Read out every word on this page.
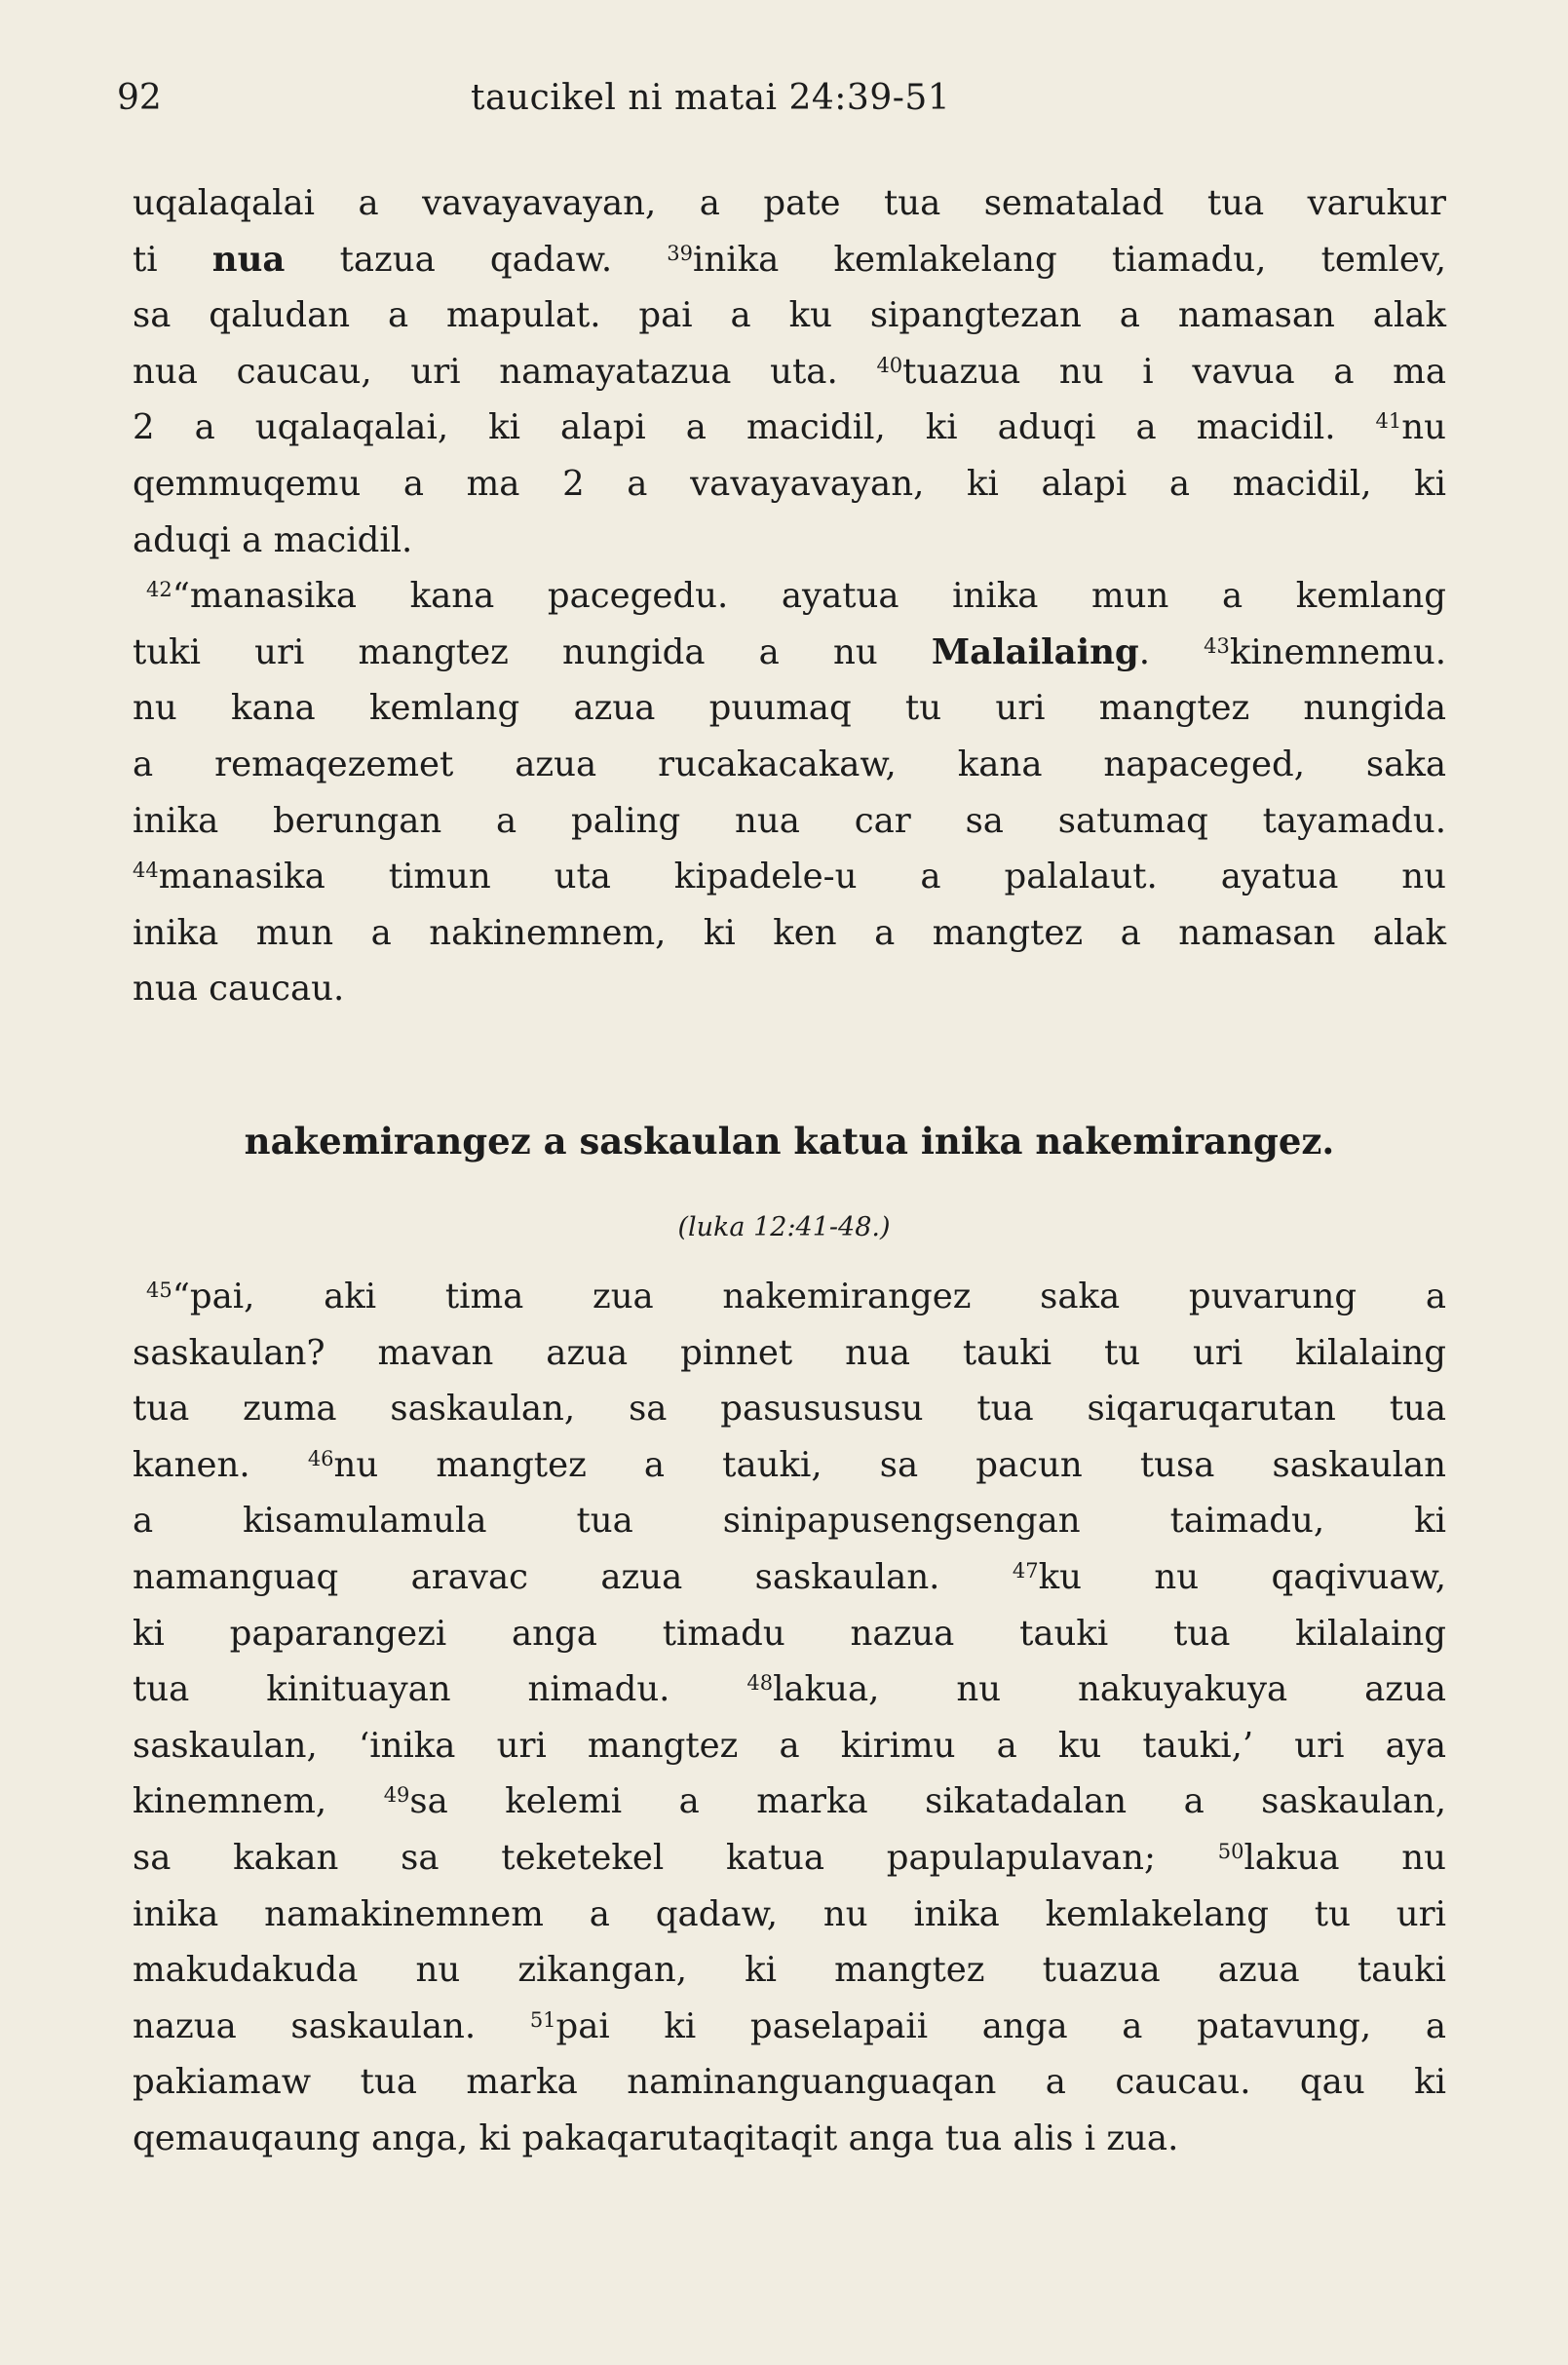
92	taucikel ni matai 24:39-51
uqalaqalai a vavayavayan, a pate tua sematalad tua varukur
ti nua tazua qadaw. $^{39}$inika kemlakelang tiamadu, temlev,
sa qaludan a mapulat. pai a ku sipangtezan a namasan alak
nua caucau, uri namayatazua uta. $^{40}$tuazua nu i vavua a ma
2 a uqalaqalai, ki alapi a macidil, ki aduqi a macidil. $^{41}$nu
qemmuqemu a ma 2 a vavayavayan, ki alapi a macidil, ki
aduqi a macidil.
$^{42}$“manasika kana pacegedu. ayatua inika mun a kemlang
tuki uri mangtez nungida a nu Malailaing. $^{43}$kinemnemu.
nu kana kemlang azua puumaq tu uri mangtez nungida
a remaqezemet azua rucakacakaw, kana napaceged, saka
inika berungan a paling nua car sa satumaq tayamadu.
$^{44}$manasika timun uta kipadele-u a palalaut. ayatua nu
inika mun a nakinemnem, ki ken a mangtez a namasan alak
nua caucau.
nakemirangez a saskaulan katua inika nakemirangez.
(luka 12:41-48.)
$^{45}$“pai, aki tima zua nakemirangez saka puvarung a
saskaulan? mavan azua pinnet nua tauki tu uri kilalaing
tua zuma saskaulan, sa pasusususu tua siqaruqarutan tua
kanen. $^{46}$nu mangtez a tauki, sa pacun tusa saskaulan
a kisamulamula tua sinipapusengsengan taimadu, ki
namanguaq aravac azua saskaulan. $^{47}$ku nu qaqivuaw,
ki paparangezi anga timadu nazua tauki tua kilalaing
tua kinituayan nimadu. $^{48}$lakua, nu nakuyakuya azua
saskaulan, ‘inika uri mangtez a kirimu a ku tauki,’ uri aya
kinemnem, $^{49}$sa kelemi a marka sikatadalan a saskaulan,
sa kakan sa teketekel katua papulapulavan; $^{50}$lakua nu
inika namakinemnem a qadaw, nu inika kemlakelang tu uri
makudakuda nu zikangan, ki mangtez tuazua azua tauki
nazua saskaulan. $^{51}$pai ki paselapaii anga a patavung, a
pakiamaw tua marka naminanguanguaqan a caucau. qau ki
qemauqaung anga, ki pakaqarutaqitaqit anga tua alis i zua.
